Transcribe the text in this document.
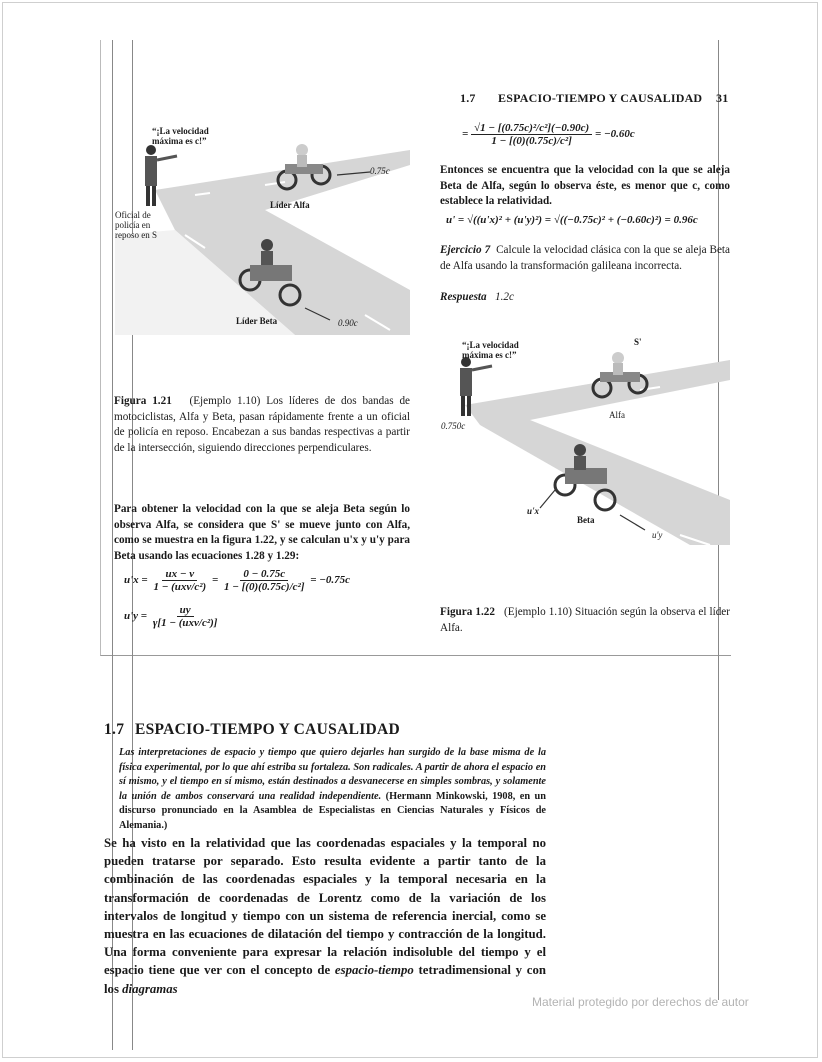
1.7 ESPACIO-TIEMPO Y CAUSALIDAD 31
“¡La velocidad máxima es c!”
Oficial de policía en reposo en S
Líder Alfa
0.75c
Líder Beta	0.90c
Figura 1.21 (Ejemplo 1.10) Los líderes de dos bandas de motociclistas, Alfa y Beta, pasan rápidamente frente a un oficial de policía en reposo. Encabezan a sus bandas respectivas a partir de la intersección, siguiendo direcciones perpendiculares.
Para obtener la velocidad con la que se aleja Beta según lo observa Alfa, se considera que S' se mueve junto con Alfa, como se muestra en la figura 1.22, y se calculan u'x y u'y para Beta usando las ecuaciones 1.28 y 1.29:
$u'x = \frac{ux - v}{\text{1 − (uxv/c²)}} = \frac{0 - 0.75c}{\text{1 − [(0)(0.75c)/c²]}} = -0.75c$
$u'y = \frac{uy}{\text{γ[1 − (uxv/c²)]}}$
= $\frac{\text{√1 − [(0.75c)²/c²](−0.90c)}}{\text{1 − [(0)(0.75c)/c²]}} = -0.60c$
Entonces se encuentra que la velocidad con la que se aleja Beta de Alfa, según lo observa éste, es menor que c, como establece la relatividad.
u' = √((u'x)² + (u'y)²) = √((−0.75c)² + (−0.60c)²) = 0.96c
Ejercicio 7 Calcule la velocidad clásica con la que se aleja Beta de Alfa usando la transformación galileana incorrecta.
Respuesta 1.2c
“¡La velocidad máxima es c!”
S'
Alfa
0.750c
Beta
u'x
u'y
Figura 1.22 (Ejemplo 1.10) Situación según la observa el líder Alfa.
1.7 ESPACIO-TIEMPO Y CAUSALIDAD
Las interpretaciones de espacio y tiempo que quiero dejarles han surgido de la base misma de la física experimental, por lo que ahí estriba su fortaleza. Son radicales. A partir de ahora el espacio en sí mismo, y el tiempo en sí mismo, están destinados a desvanecerse en simples sombras, y solamente la unión de ambos conservará una realidad independiente. (Hermann Minkowski, 1908, en un discurso pronunciado en la Asamblea de Especialistas en Ciencias Naturales y Físicos de Alemania.)
Se ha visto en la relatividad que las coordenadas espaciales y la temporal no pueden tratarse por separado. Esto resulta evidente a partir tanto de la combinación de las coordenadas espaciales y la temporal necesaria en la transformación de coordenadas de Lorentz como de la variación de los intervalos de longitud y tiempo con un sistema de referencia inercial, como se muestra en las ecuaciones de dilatación del tiempo y contracción de la longitud. Una forma conveniente para expresar la relación indisoluble del tiempo y el espacio tiene que ver con el concepto de espacio-tiempo tetradimensional y con los diagramas
Material protegido por derechos de autor
